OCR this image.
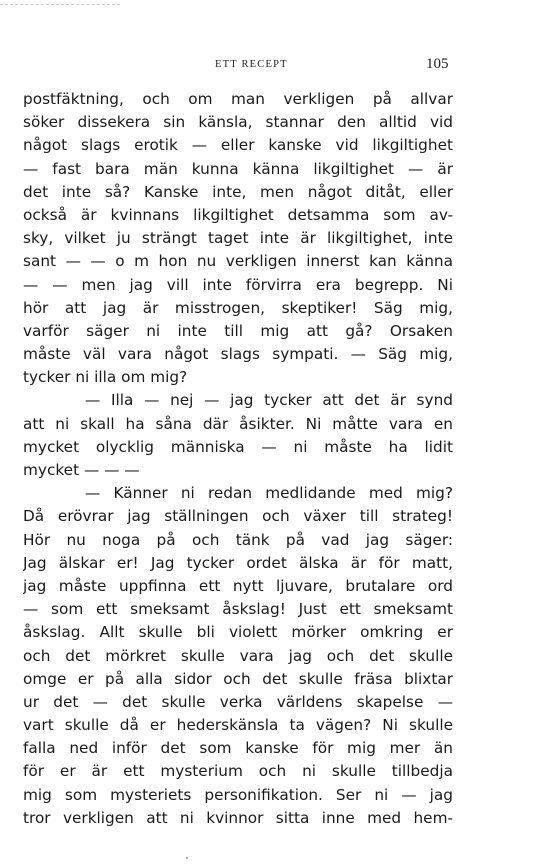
ETT RECEPT	105
postfäktning, och om man verkligen på allvar
söker dissekera sin känsla, stannar den alltid vid
något slags erotik — eller kanske vid likgiltighet
— fast bara män kunna känna likgiltighet — är
det inte så? Kanske inte, men något ditåt, eller
också är kvinnans likgiltighet detsamma som av-
sky, vilket ju strängt taget inte är likgiltighet, inte
sant — — o m hon nu verkligen innerst kan känna
— — men jag vill inte förvirra era begrepp. Ni
hör att jag är misstrogen, skeptiker! Säg mig,
varför säger ni inte till mig att gå? Orsaken
måste väl vara något slags sympati. — Säg mig,
tycker ni illa om mig?
— Illa — nej — jag tycker att det är synd
att ni skall ha såna där åsikter. Ni måtte vara en
mycket olycklig människa — ni måste ha lidit
mycket — — —
— Känner ni redan medlidande med mig?
Då erövrar jag ställningen och växer till strateg!
Hör nu noga på och tänk på vad jag säger:
Jag älskar er! Jag tycker ordet älska är för matt,
jag måste uppfinna ett nytt ljuvare, brutalare ord
— som ett smeksamt åskslag! Just ett smeksamt
åskslag. Allt skulle bli violett mörker omkring er
och det mörkret skulle vara jag och det skulle
omge er på alla sidor och det skulle fräsa blixtar
ur det — det skulle verka världens skapelse —
vart skulle då er hederskänsla ta vägen? Ni skulle
falla ned inför det som kanske för mig mer än
för er är ett mysterium och ni skulle tillbedja
mig som mysteriets personifikation. Ser ni — jag
tror verkligen att ni kvinnor sitta inne med hem-
